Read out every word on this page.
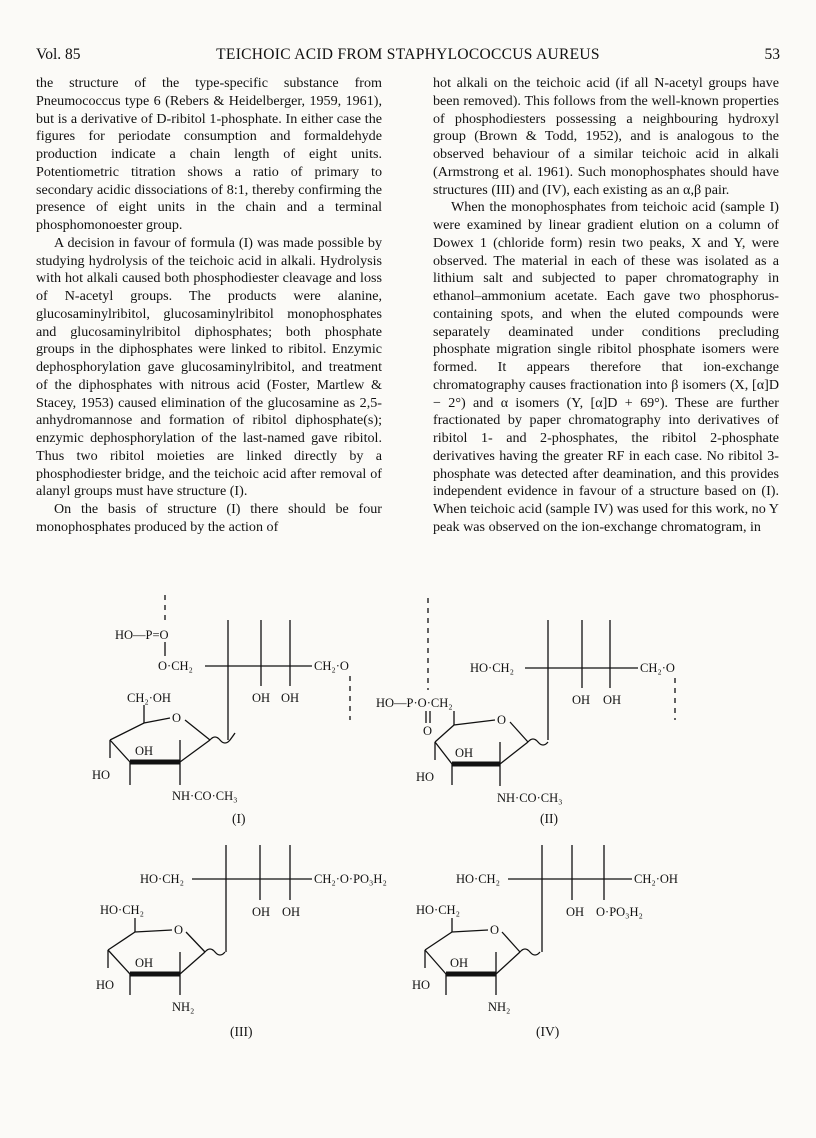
Vol. 85	TEICHOIC ACID FROM STAPHYLOCOCCUS AUREUS	53

the structure of the type-specific substance from Pneumococcus type 6 (Rebers & Heidelberger, 1959, 1961), but is a derivative of D-ribitol 1-phosphate. In either case the figures for periodate consumption and formaldehyde production indicate a chain length of eight units. Potentiometric titration shows a ratio of primary to secondary acidic dissociations of 8:1, thereby confirming the presence of eight units in the chain and a terminal phosphomonoester group.

A decision in favour of formula (I) was made possible by studying hydrolysis of the teichoic acid in alkali. Hydrolysis with hot alkali caused both phosphodiester cleavage and loss of N-acetyl groups. The products were alanine, glucosaminylribitol, glucosaminylribitol monophosphates and glucosaminylribitol diphosphates; both phosphate groups in the diphosphates were linked to ribitol. Enzymic dephosphorylation gave glucosaminylribitol, and treatment of the diphosphates with nitrous acid (Foster, Martlew & Stacey, 1953) caused elimination of the glucosamine as 2,5-anhydromannose and formation of ribitol diphosphate(s); enzymic dephosphorylation of the last-named gave ribitol. Thus two ribitol moieties are linked directly by a phosphodiester bridge, and the teichoic acid after removal of alanyl groups must have structure (I).

On the basis of structure (I) there should be four monophosphates produced by the action of

hot alkali on the teichoic acid (if all N-acetyl groups have been removed). This follows from the well-known properties of phosphodiesters possessing a neighbouring hydroxyl group (Brown & Todd, 1952), and is analogous to the observed behaviour of a similar teichoic acid in alkali (Armstrong et al. 1961). Such monophosphates should have structures (III) and (IV), each existing as an α,β pair.

When the monophosphates from teichoic acid (sample I) were examined by linear gradient elution on a column of Dowex 1 (chloride form) resin two peaks, X and Y, were observed. The material in each of these was isolated as a lithium salt and subjected to paper chromatography in ethanol–ammonium acetate. Each gave two phosphorus-containing spots, and when the eluted compounds were separately deaminated under conditions precluding phosphate migration single ribitol phosphate isomers were formed. It appears therefore that ion-exchange chromatography causes fractionation into β isomers (X, [α]D − 2°) and α isomers (Y, [α]D + 69°). These are further fractionated by paper chromatography into derivatives of ribitol 1- and 2-phosphates, the ribitol 2-phosphate derivatives having the greater RF in each case. No ribitol 3-phosphate was detected after deamination, and this provides independent evidence in favour of a structure based on (I). When teichoic acid (sample IV) was used for this work, no Y peak was observed on the ion-exchange chromatogram, in

HO—P=O
O·CH₂
OH OH
CH₂·O
CH₂·OH
O
OH
HO
NH·CO·CH₃
(I)
HO·CH₂
OH OH
CH₂·O
HO—P·O·CH₂
O
O
OH
HO
NH·CO·CH₃
(II)
HO·CH₂
OH OH
CH₂·O·PO₃H₂
HO·CH₂
O
OH
HO
NH₂
(III)
HO·CH₂
OH O·PO₃H₂
CH₂·OH
HO·CH₂
O
OH
HO
NH₂
(IV)
